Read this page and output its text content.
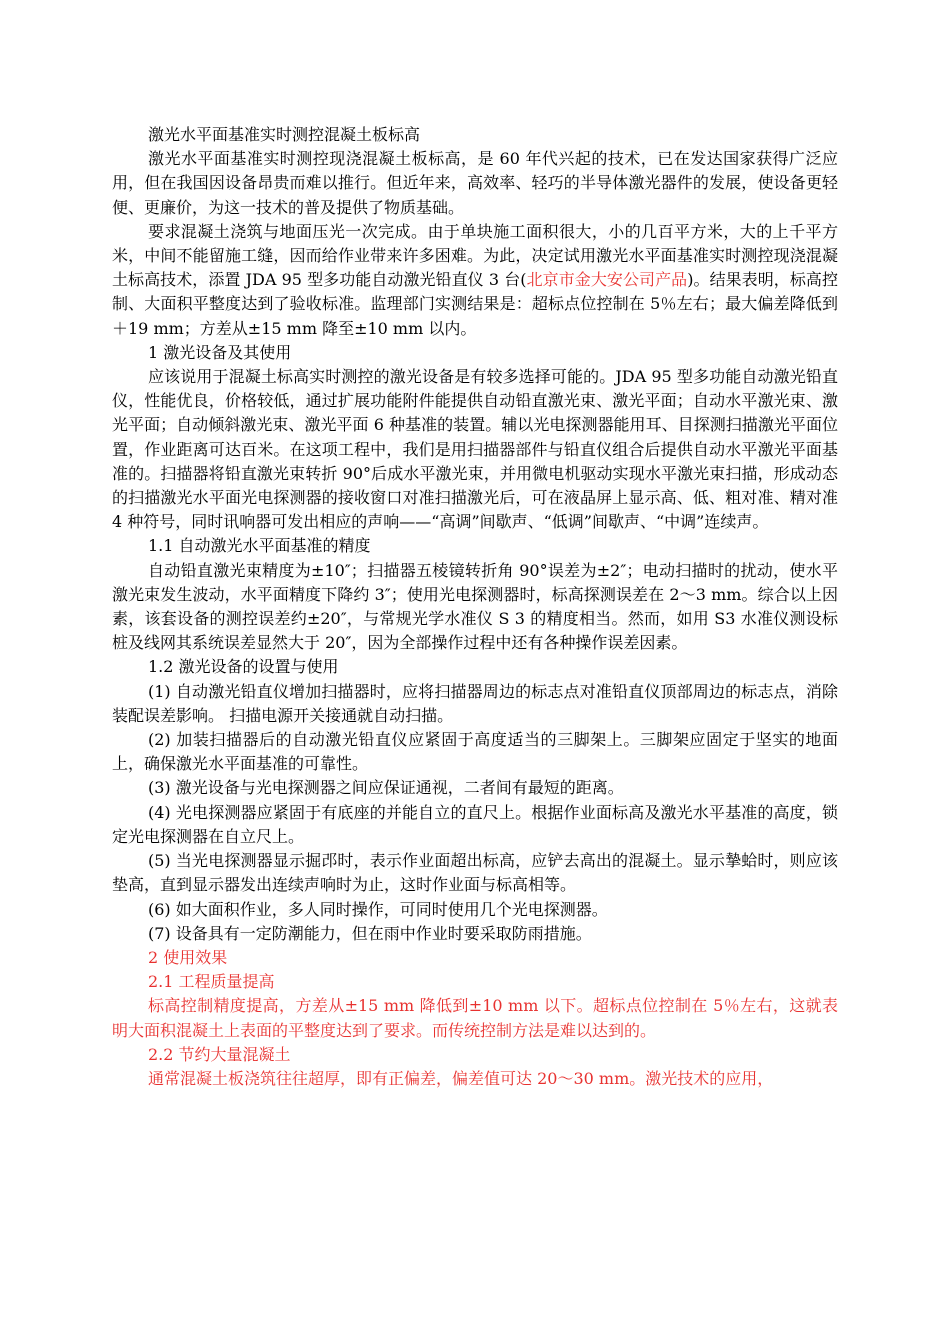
激光水平面基准实时测控混凝土板标高

激光水平面基准实时测控现浇混凝土板标高，是 60 年代兴起的技术，已在发达国家获得广泛应用，但在我国因设备昂贵而难以推行。但近年来，高效率、轻巧的半导体激光器件的发展，使设备更轻便、更廉价，为这一技术的普及提供了物质基础。

要求混凝土浇筑与地面压光一次完成。由于单块施工面积很大，小的几百平方米，大的上千平方米，中间不能留施工缝，因而给作业带来许多困难。为此，决定试用激光水平面基准实时测控现浇混凝土标高技术，添置 JDA 95 型多功能自动激光铅直仪 3 台(北京市金大安公司产品)。结果表明，标高控制、大面积平整度达到了验收标准。监理部门实测结果是：超标点位控制在 5％左右；最大偏差降低到＋19 mm；方差从±15 mm 降至±10 mm 以内。

1 激光设备及其使用

应该说用于混凝土标高实时测控的激光设备是有较多选择可能的。JDA 95 型多功能自动激光铅直仪，性能优良，价格较低，通过扩展功能附件能提供自动铅直激光束、激光平面；自动水平激光束、激光平面；自动倾斜激光束、激光平面 6 种基准的装置。辅以光电探测器能用耳、目探测扫描激光平面位置，作业距离可达百米。在这项工程中，我们是用扫描器部件与铅直仪组合后提供自动水平激光平面基准的。扫描器将铅直激光束转折 90°后成水平激光束，并用微电机驱动实现水平激光束扫描，形成动态的扫描激光水平面光电探测器的接收窗口对准扫描激光后，可在液晶屏上显示高、低、粗对准、精对准 4 种符号，同时讯响器可发出相应的声响——“高调”间歇声、“低调”间歇声、“中调”连续声。

1.1 自动激光水平面基准的精度

自动铅直激光束精度为±10″；扫描器五棱镜转折角 90°误差为±2″；电动扫描时的扰动，使水平激光束发生波动，水平面精度下降约 3″；使用光电探测器时，标高探测误差在 2～3 mm。综合以上因素，该套设备的测控误差约±20″，与常规光学水准仪 S 3 的精度相当。然而，如用 S3 水准仪测设标桩及线网其系统误差显然大于 20″，因为全部操作过程中还有各种操作误差因素。

1.2 激光设备的设置与使用

(1) 自动激光铅直仪增加扫描器时，应将扫描器周边的标志点对准铅直仪顶部周边的标志点，消除装配误差影响。 扫描电源开关接通就自动扫描。

(2) 加装扫描器后的自动激光铅直仪应紧固于高度适当的三脚架上。三脚架应固定于坚实的地面上，确保激光水平面基准的可靠性。

(3) 激光设备与光电探测器之间应保证通视，二者间有最短的距离。

(4) 光电探测器应紧固于有底座的并能自立的直尺上。根据作业面标高及激光水平基准的高度，锁定光电探测器在自立尺上。

(5) 当光电探测器显示掘邔时，表示作业面超出标高，应铲去高出的混凝土。显示摯蛤时，则应该垫高，直到显示器发出连续声响时为止，这时作业面与标高相等。

(6) 如大面积作业，多人同时操作，可同时使用几个光电探测器。

(7) 设备具有一定防潮能力，但在雨中作业时要采取防雨措施。

2 使用效果

2.1 工程质量提高

标高控制精度提高，方差从±15 mm 降低到±10 mm 以下。超标点位控制在 5％左右，这就表明大面积混凝土上表面的平整度达到了要求。而传统控制方法是难以达到的。

2.2 节约大量混凝土

通常混凝土板浇筑往往超厚，即有正偏差，偏差值可达 20～30 mm。激光技术的应用，
